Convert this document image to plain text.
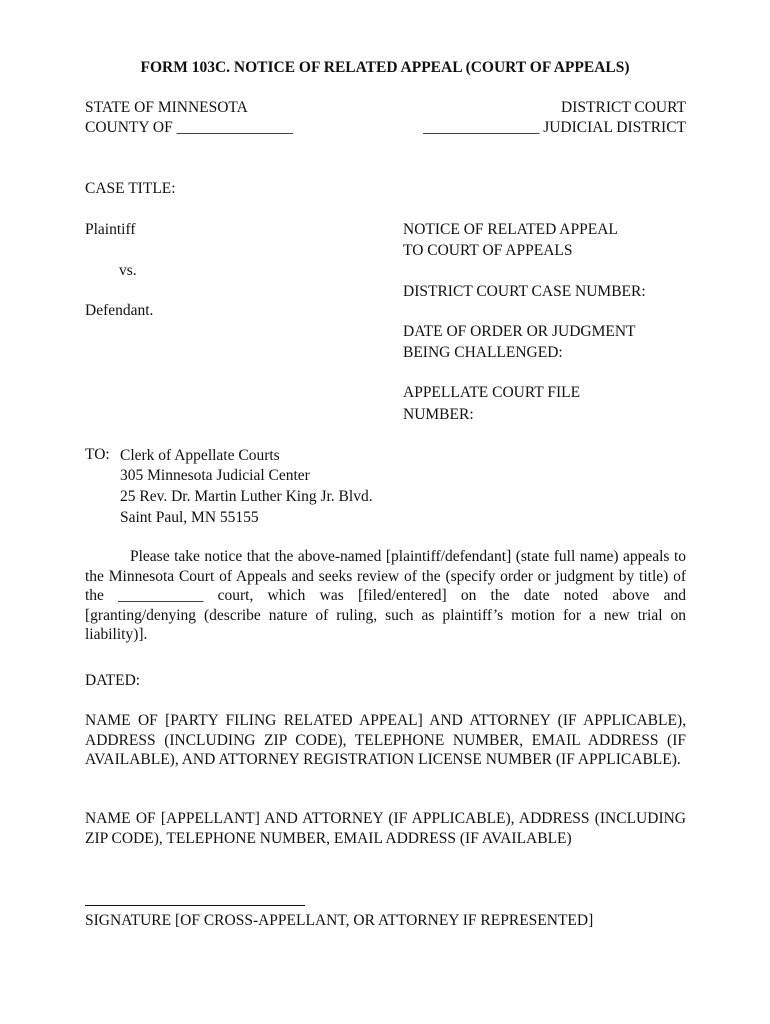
FORM 103C. NOTICE OF RELATED APPEAL (COURT OF APPEALS)
STATE OF MINNESOTA
COUNTY OF _______________
DISTRICT COURT
_______________ JUDICIAL DISTRICT
CASE TITLE:
Plaintiff
vs.
Defendant.
NOTICE OF RELATED APPEAL
TO COURT OF APPEALS
DISTRICT COURT CASE NUMBER:
DATE OF ORDER OR JUDGMENT
BEING CHALLENGED:
APPELLATE COURT FILE
NUMBER:
TO: Clerk of Appellate Courts
305 Minnesota Judicial Center
25 Rev. Dr. Martin Luther King Jr. Blvd.
Saint Paul, MN 55155
Please take notice that the above-named [plaintiff/defendant] (state full name) appeals to the Minnesota Court of Appeals and seeks review of the (specify order or judgment by title) of the ___________ court, which was [filed/entered] on the date noted above and [granting/denying (describe nature of ruling, such as plaintiff’s motion for a new trial on liability)].
DATED:
NAME OF [PARTY FILING RELATED APPEAL] AND ATTORNEY (IF APPLICABLE), ADDRESS (INCLUDING ZIP CODE), TELEPHONE NUMBER, EMAIL ADDRESS (IF AVAILABLE), AND ATTORNEY REGISTRATION LICENSE NUMBER (IF APPLICABLE).
NAME OF [APPELLANT] AND ATTORNEY (IF APPLICABLE), ADDRESS (INCLUDING ZIP CODE), TELEPHONE NUMBER, EMAIL ADDRESS (IF AVAILABLE)
SIGNATURE [OF CROSS-APPELLANT, OR ATTORNEY IF REPRESENTED]
